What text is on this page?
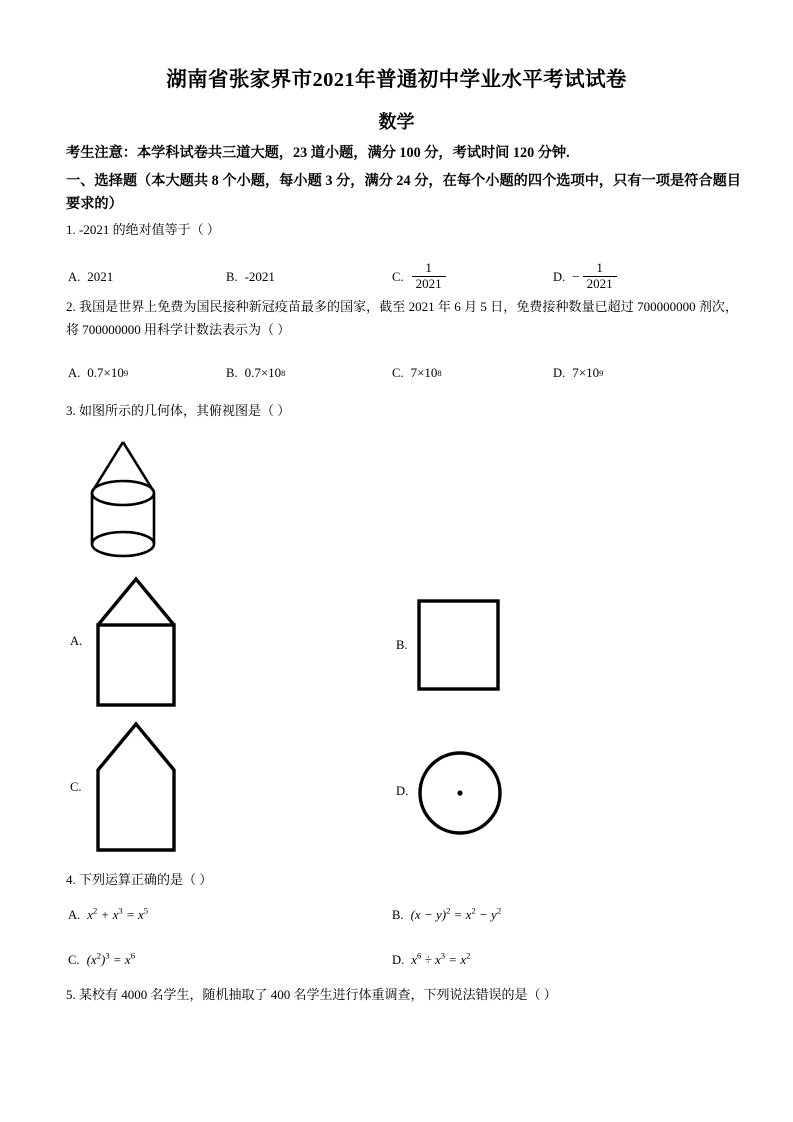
湖南省张家界市2021年普通初中学业水平考试试卷
数学
考生注意：本学科试卷共三道大题，23 道小题，满分 100 分，考试时间 120 分钟.
一、选择题（本大题共 8 个小题，每小题 3 分，满分 24 分，在每个小题的四个选项中，只有一项是符合题目要求的）
1. -2021 的绝对值等于（ ）
A. 2021	B. -2021	C. $\frac{1}{2021}$	D. − $\frac{1}{2021}$
2. 我国是世界上免费为国民接种新冠疫苗最多的国家，截至 2021 年 6 月 5 日，免费接种数量已超过 700000000 剂次，将 700000000 用科学计数法表示为（ ）
A. 0.7 × 10 9	B. 0.7 × 10 8	C. 7 × 10 8	D. 7 × 10 9
3. 如图所示的几何体，其俯视图是（ ）
A.	B.
C.	D.
4. 下列运算正确的是（ ）
A. $x^2 + x^3 = x^5$	B. $(x - y)^2 = x^2 - y^2$
C. $(x^2)^3 = x^6$	D. $x^6 \div x^3 = x^2$
5. 某校有 4000 名学生，随机抽取了 400 名学生进行体重调查，下列说法错误的是（ ）
